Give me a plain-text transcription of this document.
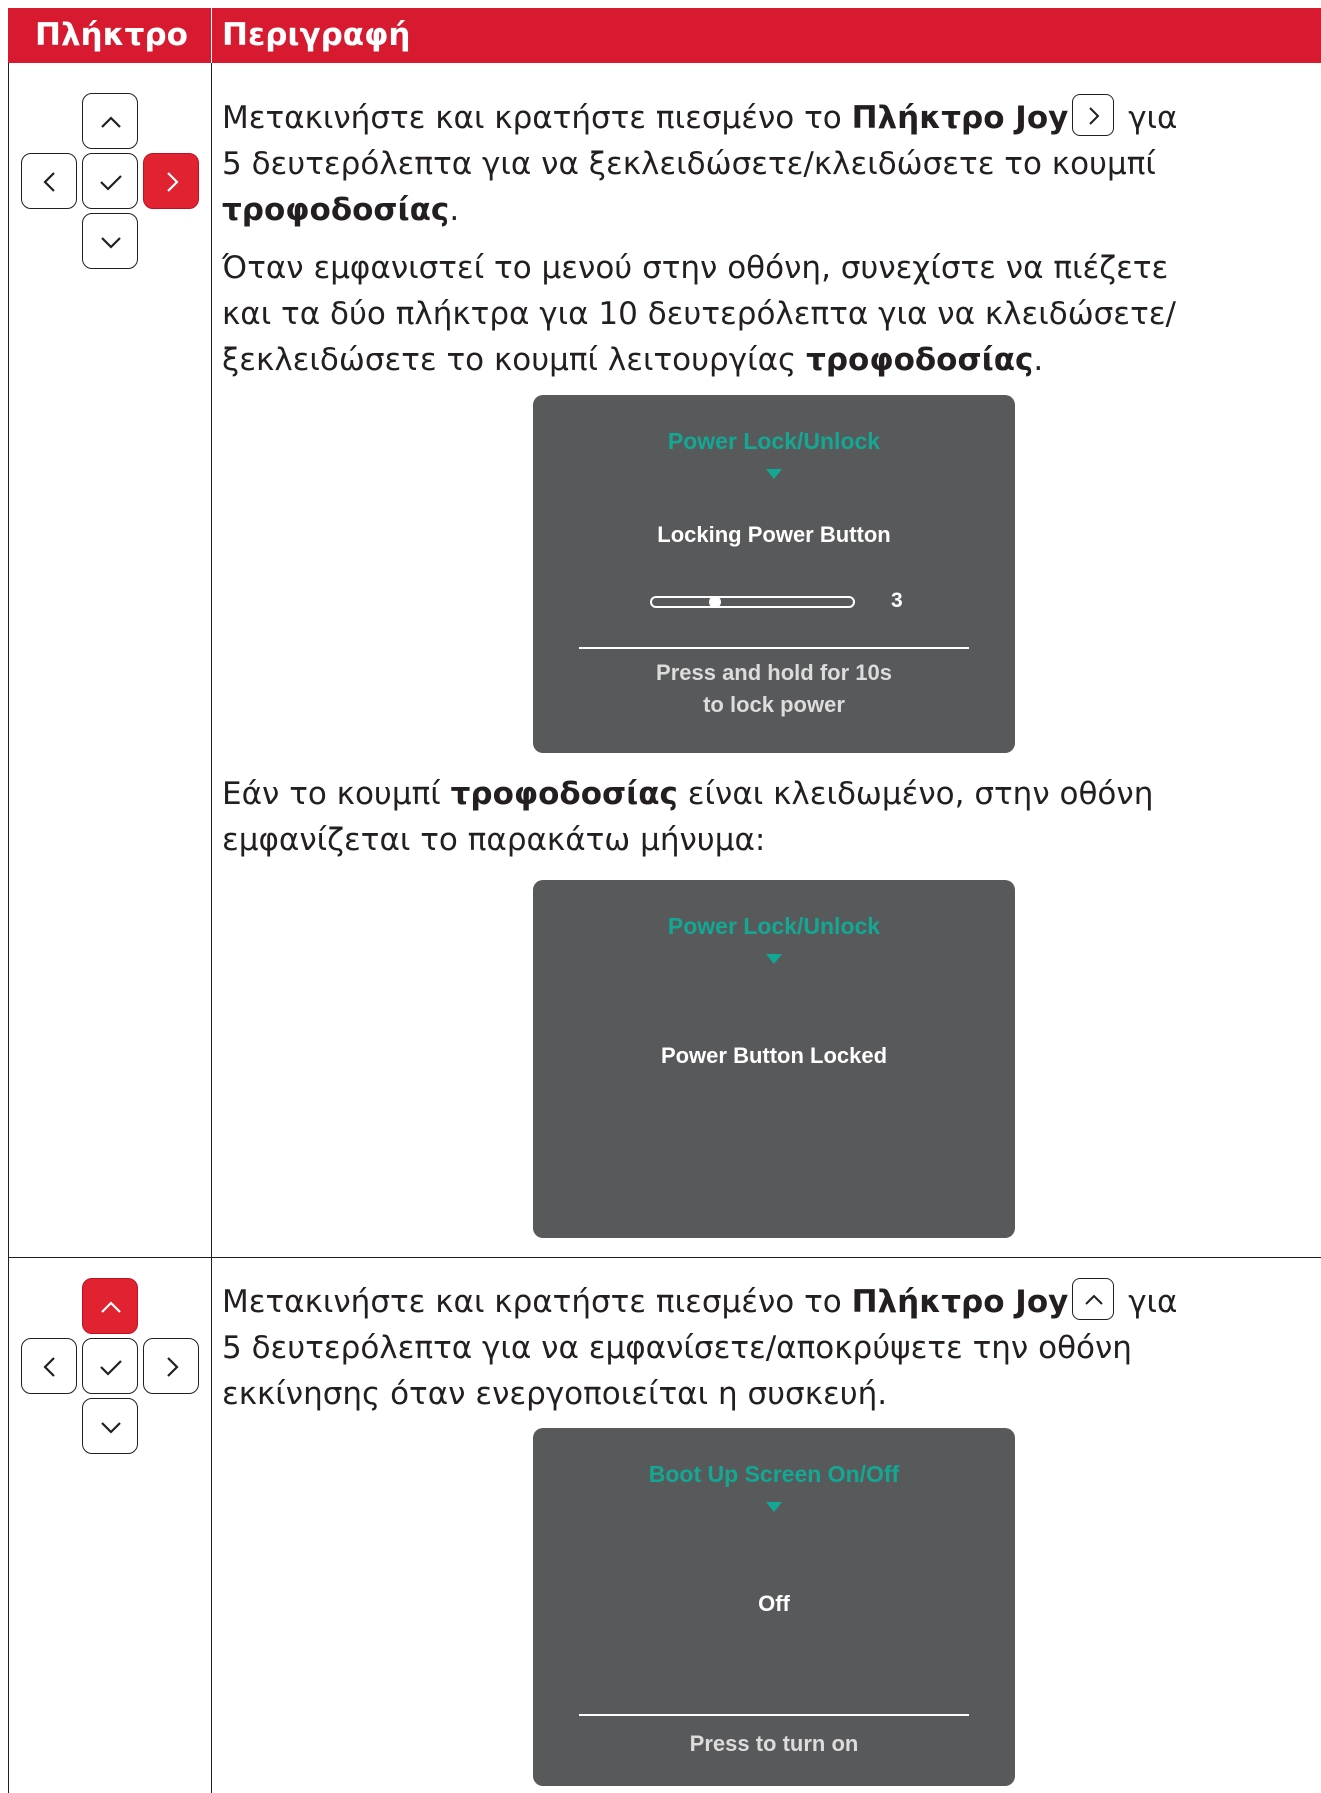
Πλήκτρο Περιγραφή
Μετακινήστε και κρατήστε πιεσμένο το Πλήκτρο Joy
για
5 δευτερόλεπτα για να ξεκλειδώσετε/κλειδώσετε το κουμπί
τροφοδοσίας.
Όταν εμφανιστεί το μενού στην οθόνη, συνεχίστε να πιέζετε
και τα δύο πλήκτρα για 10 δευτερόλεπτα για να κλειδώσετε/
ξεκλειδώσετε το κουμπί λειτουργίας τροφοδοσίας.
Power Lock/Unlock
Locking Power Button
3
Press and hold for 10s
to lock power
Εάν το κουμπί τροφοδοσίας είναι κλειδωμένο, στην οθόνη
εμφανίζεται το παρακάτω μήνυμα:
Power Lock/Unlock
Power Button Locked
Μετακινήστε και κρατήστε πιεσμένο το Πλήκτρο Joy
για
5 δευτερόλεπτα για να εμφανίσετε/αποκρύψετε την οθόνη
εκκίνησης όταν ενεργοποιείται η συσκευή.
Boot Up Screen On/Off
Off
Press to turn on
